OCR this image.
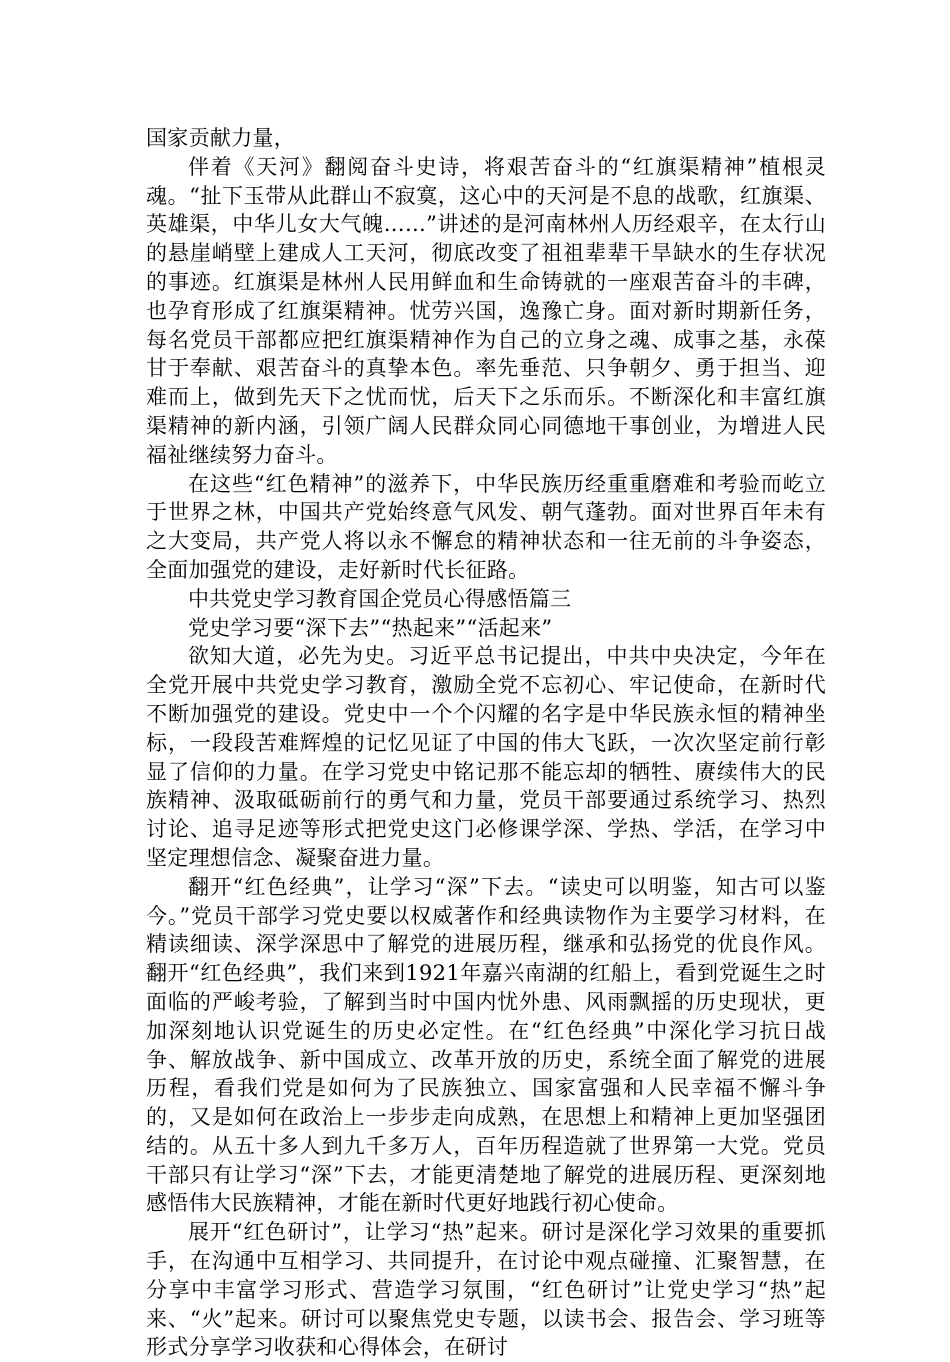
国家贡献力量，

伴着《天河》翻阅奋斗史诗，将艰苦奋斗的“红旗渠精神”植根灵魂。“扯下玉带从此群山不寂寞，这心中的天河是不息的战歌，红旗渠、英雄渠，中华儿女大气魄……”讲述的是河南林州人历经艰辛，在太行山的悬崖峭壁上建成人工天河，彻底改变了祖祖辈辈干旱缺水的生存状况的事迹。红旗渠是林州人民用鲜血和生命铸就的一座艰苦奋斗的丰碑，也孕育形成了红旗渠精神。忧劳兴国，逸豫亡身。面对新时期新任务，每名党员干部都应把红旗渠精神作为自己的立身之魂、成事之基，永葆甘于奉献、艰苦奋斗的真挚本色。率先垂范、只争朝夕、勇于担当、迎难而上，做到先天下之忧而忧，后天下之乐而乐。不断深化和丰富红旗渠精神的新内涵，引领广阔人民群众同心同德地干事创业，为增进人民福祉继续努力奋斗。

在这些“红色精神”的滋养下，中华民族历经重重磨难和考验而屹立于世界之林，中国共产党始终意气风发、朝气蓬勃。面对世界百年未有之大变局，共产党人将以永不懈怠的精神状态和一往无前的斗争姿态，全面加强党的建设，走好新时代长征路。

中共党史学习教育国企党员心得感悟篇三

党史学习要“深下去”“热起来”“活起来”

欲知大道，必先为史。习近平总书记提出，中共中央决定，今年在全党开展中共党史学习教育，激励全党不忘初心、牢记使命，在新时代不断加强党的建设。党史中一个个闪耀的名字是中华民族永恒的精神坐标，一段段苦难辉煌的记忆见证了中国的伟大飞跃，一次次坚定前行彰显了信仰的力量。在学习党史中铭记那不能忘却的牺牲、赓续伟大的民族精神、汲取砥砺前行的勇气和力量，党员干部要通过系统学习、热烈讨论、追寻足迹等形式把党史这门必修课学深、学热、学活，在学习中坚定理想信念、凝聚奋进力量。

翻开“红色经典”，让学习“深”下去。“读史可以明鉴，知古可以鉴今。”党员干部学习党史要以权威著作和经典读物作为主要学习材料，在精读细读、深学深思中了解党的进展历程，继承和弘扬党的优良作风。翻开“红色经典”，我们来到1921年嘉兴南湖的红船上，看到党诞生之时面临的严峻考验，了解到当时中国内忧外患、风雨飘摇的历史现状，更加深刻地认识党诞生的历史必定性。在“红色经典”中深化学习抗日战争、解放战争、新中国成立、改革开放的历史，系统全面了解党的进展历程，看我们党是如何为了民族独立、国家富强和人民幸福不懈斗争的，又是如何在政治上一步步走向成熟，在思想上和精神上更加坚强团结的。从五十多人到九千多万人，百年历程造就了世界第一大党。党员干部只有让学习“深”下去，才能更清楚地了解党的进展历程、更深刻地感悟伟大民族精神，才能在新时代更好地践行初心使命。

展开“红色研讨”，让学习“热”起来。研讨是深化学习效果的重要抓手，在沟通中互相学习、共同提升，在讨论中观点碰撞、汇聚智慧，在分享中丰富学习形式、营造学习氛围，“红色研讨”让党史学习“热”起来、“火”起来。研讨可以聚焦党史专题，以读书会、报告会、学习班等形式分享学习收获和心得体会，在研讨
